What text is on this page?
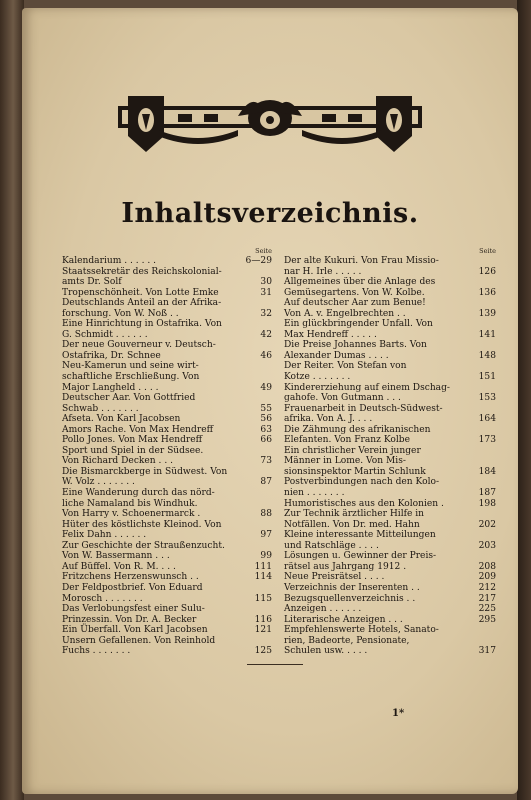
Inhaltsverzeichnis.
Seite
Kalendarium . . . . . .	6—29
Staatssekretär des Reichskolonial-
amts Dr. Solf	30
Tropenschönheit. Von Lotte Emke	31
Deutschlands Anteil an der Afrika-
forschung. Von W. Noß . .	32
Eine Hinrichtung in Ostafrika. Von
G. Schmidt . . . . . .	42
Der neue Gouverneur v. Deutsch-
Ostafrika, Dr. Schnee	46
Neu-Kamerun und seine wirt-
schaftliche Erschließung. Von
Major Langheld . . . .	49
Deutscher Aar. Von Gottfried
Schwab . . . . . . .	55
Afseta. Von Karl Jacobsen	56
Amors Rache. Von Max Hendreff	63
Pollo Jones. Von Max Hendreff	66
Sport und Spiel in der Südsee.
Von Richard Decken . . .	73
Die Bismarckberge in Südwest. Von
W. Volz . . . . . . .	87
Eine Wanderung durch das nörd-
liche Namaland bis Windhuk.
Von Harry v. Schoenermarck .	88
Hüter des köstlichste Kleinod. Von
Felix Dahn . . . . . .	97
Zur Geschichte der Straußenzucht.
Von W. Bassermann . . .	99
Auf Büffel. Von R. M. . . .	111
Fritzchens Herzenswunsch . .	114
Der Feldpostbrief. Von Eduard
Morosch . . . . . . .	115
Das Verlobungsfest einer Sulu-
Prinzessin. Von Dr. A. Becker	116
Ein Überfall. Von Karl Jacobsen	121
Unsern Gefallenen. Von Reinhold
Fuchs . . . . . . .	125
Seite
Der alte Kukuri. Von Frau Missio-
nar H. Irle . . . . .	126
Allgemeines über die Anlage des
Gemüsegartens. Von W. Kolbe.	136
Auf deutscher Aar zum Benue!
Von A. v. Engelbrechten . .	139
Ein glückbringender Unfall. Von
Max Hendreff . . . . .	141
Die Preise Johannes Barts. Von
Alexander Dumas . . . .	148
Der Reiter. Von Stefan von
Kotze . . . . . . .	151
Kindererziehung auf einem Dschag-
gahofe. Von Gutmann . . .	153
Frauenarbeit in Deutsch-Südwest-
afrika. Von A. J. . . .	164
Die Zähmung des afrikanischen
Elefanten. Von Franz Kolbe	173
Ein christlicher Verein junger
Männer in Lome. Von Mis-
sionsinspektor Martin Schlunk	184
Postverbindungen nach den Kolo-
nien . . . . . . .	187
Humoristisches aus den Kolonien .	198
Zur Technik ärztlicher Hilfe in
Notfällen. Von Dr. med. Hahn	202
Kleine interessante Mitteilungen
und Ratschläge . . . .	203
Lösungen u. Gewinner der Preis-
rätsel aus Jahrgang 1912 .	208
Neue Preisrätsel . . . .	209
Verzeichnis der Inserenten . .	212
Bezugsquellenverzeichnis . .	217
Anzeigen . . . . . .	225
Literarische Anzeigen . . .	295
Empfehlenswerte Hotels, Sanato-
rien, Badeorte, Pensionate,
Schulen usw. . . . .	317
1*
